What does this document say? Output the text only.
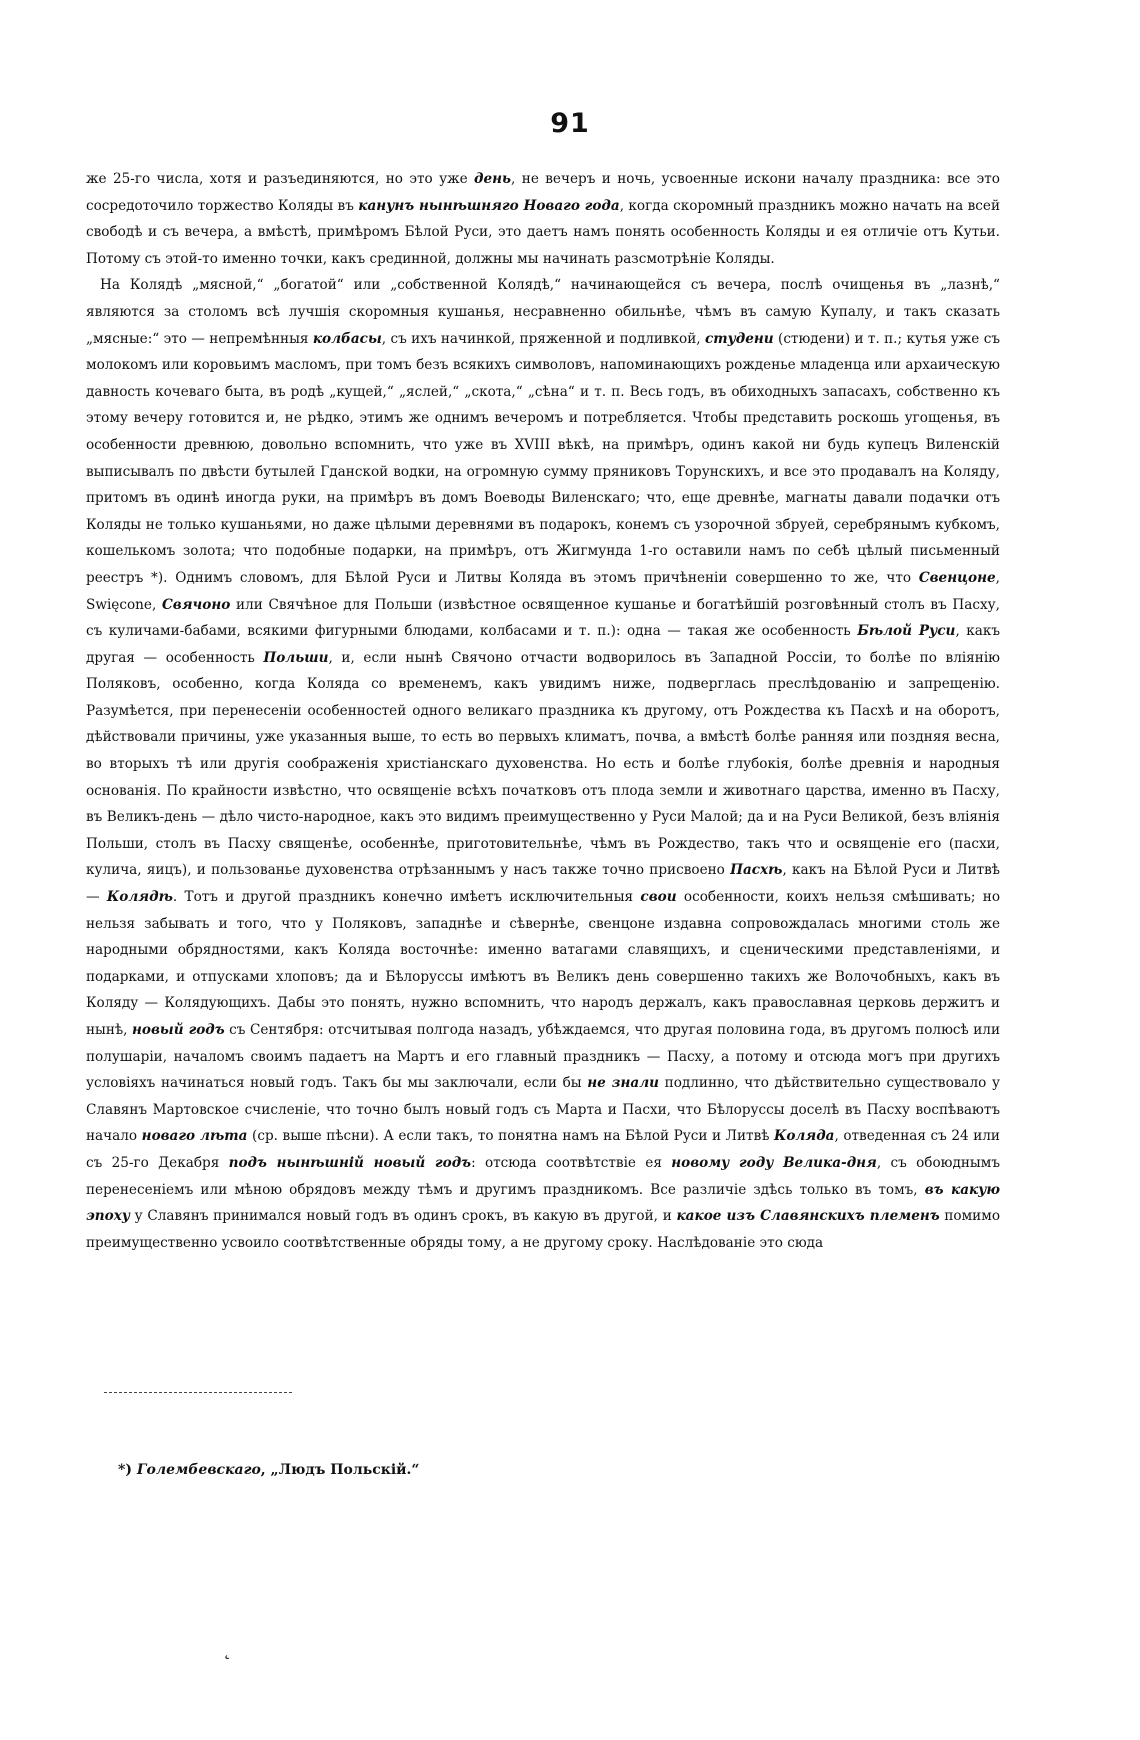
91

же 25-го числа, хотя и разъединяются, но это уже день, не вечеръ и ночь, усвоенные искони началу праздника: все это сосредоточило торжество Коляды въ канунъ нынѣшняго Новаго года, когда скоромный праздникъ можно начать на всей свободѣ и съ вечера, а вмѣстѣ, примѣромъ Бѣлой Руси, это даетъ намъ понять особенность Коляды и ея отличіе отъ Кутьи. Потому съ этой-то именно точки, какъ срединной, должны мы начинать разсмотрѣніе Коляды.

На Колядѣ „мясной,“ „богатой“ или „собственной Колядѣ,“ начинающейся съ вечера, послѣ очищенья въ „лазнѣ,“ являются за столомъ всѣ лучшія скоромныя кушанья, несравненно обильнѣе, чѣмъ въ самую Купалу, и такъ сказать „мясные:“ это — непремѣнныя колбасы, съ ихъ начинкой, пряженной и подливкой, студени (стюдени) и т. п.; кутья уже съ молокомъ или коровьимъ масломъ, при томъ безъ всякихъ символовъ, напоминающихъ рожденье младенца или архаическую давность кочеваго быта, въ родѣ „кущей,“ „яслей,“ „скота,“ „сѣна“ и т. п. Весь годъ, въ обиходныхъ запасахъ, собственно къ этому вечеру готовится и, не рѣдко, этимъ же однимъ вечеромъ и потребляется. Чтобы представить роскошь угощенья, въ особенности древнюю, довольно вспомнить, что уже въ XVIII вѣкѣ, на примѣръ, одинъ какой ни будь купецъ Виленскій выписывалъ по двѣсти бутылей Гданской водки, на огромную сумму пряниковъ Торунскихъ, и все это продавалъ на Коляду, притомъ въ одинѣ иногда руки, на примѣръ въ домъ Воеводы Виленскаго; что, еще древнѣе, магнаты давали подачки отъ Коляды не только кушаньями, но даже цѣлыми деревнями въ подарокъ, конемъ съ узорочной збруей, серебрянымъ кубкомъ, кошелькомъ золота; что подобные подарки, на примѣръ, отъ Жигмунда 1-го оставили намъ по себѣ цѣлый письменный реестръ *). Однимъ словомъ, для Бѣлой Руси и Литвы Коляда въ этомъ причѣненіи совершенно то же, что Свенцоне, Swięcone, Свячоно или Свячѣное для Польши (извѣстное освященное кушанье и богатѣйшій розговѣнный столъ въ Пасху, съ куличами-бабами, всякими фигурными блюдами, колбасами и т. п.): одна — такая же особенность Бѣлой Руси, какъ другая — особенность Польши, и, если нынѣ Свячоно отчасти водворилось въ Западной Россіи, то болѣе по вліянію Поляковъ, особенно, когда Коляда со временемъ, какъ увидимъ ниже, подверглась преслѣдованію и запрещенію. Разумѣется, при перенесеніи особенностей одного великаго праздника къ другому, отъ Рождества къ Пасхѣ и на оборотъ, дѣйствовали причины, уже указанныя выше, то есть во первыхъ климатъ, почва, а вмѣстѣ болѣе ранняя или поздняя весна, во вторыхъ тѣ или другія соображенія христіанскаго духовенства. Но есть и болѣе глубокія, болѣе древнія и народныя основанія. По крайности извѣстно, что освященіе всѣхъ початковъ отъ плода земли и животнаго царства, именно въ Пасху, въ Великъ-день — дѣло чисто-народное, какъ это видимъ преимущественно у Руси Малой; да и на Руси Великой, безъ вліянія Польши, столъ въ Пасху священѣе, особеннѣе, приготовительнѣе, чѣмъ въ Рождество, такъ что и освященіе его (пасхи, кулича, яицъ), и пользованье духовенства отрѣзаннымъ у насъ также точно присвоено Пасхѣ, какъ на Бѣлой Руси и Литвѣ — Колядѣ. Тотъ и другой праздникъ конечно имѣетъ исключительныя свои особенности, коихъ нельзя смѣшивать; но нельзя забывать и того, что у Поляковъ, западнѣе и сѣвернѣе, свенцоне издавна сопровождалась многими столь же народными обрядностями, какъ Коляда восточнѣе: именно ватагами славящихъ, и сценическими представленіями, и подарками, и отпусками хлоповъ; да и Бѣлоруссы имѣютъ въ Великъ день совершенно такихъ же Волочобныхъ, какъ въ Коляду — Колядующихъ. Дабы это понять, нужно вспомнить, что народъ держалъ, какъ православная церковь держитъ и нынѣ, новый годъ съ Сентября: отсчитывая полгода назадъ, убѣждаемся, что другая половина года, въ другомъ полюсѣ или полушаріи, началомъ своимъ падаетъ на Мартъ и его главный праздникъ — Пасху, а потому и отсюда могъ при другихъ условіяхъ начинаться новый годъ. Такъ бы мы заключали, если бы не знали подлинно, что дѣйствительно существовало у Славянъ Мартовское счисленіе, что точно былъ новый годъ съ Марта и Пасхи, что Бѣлоруссы доселѣ въ Пасху воспѣваютъ начало новаго лѣта (ср. выше пѣсни). А если такъ, то понятна намъ на Бѣлой Руси и Литвѣ Коляда, отведенная съ 24 или съ 25-го Декабря подъ нынѣшній новый годъ: отсюда соотвѣтствіе ея новому году Велика-дня, съ обоюднымъ перенесеніемъ или мѣною обрядовъ между тѣмъ и другимъ праздникомъ. Все различіе здѣсь только въ томъ, въ какую эпоху у Славянъ принимался новый годъ въ одинъ срокъ, въ какую въ другой, и какое изъ Славянскихъ племенъ помимо преимущественно усвоило соотвѣтственные обряды тому, а не другому сроку. Наслѣдованіе это сюда

*) Голембевскаго, „Людъ Польскій.“
˛
